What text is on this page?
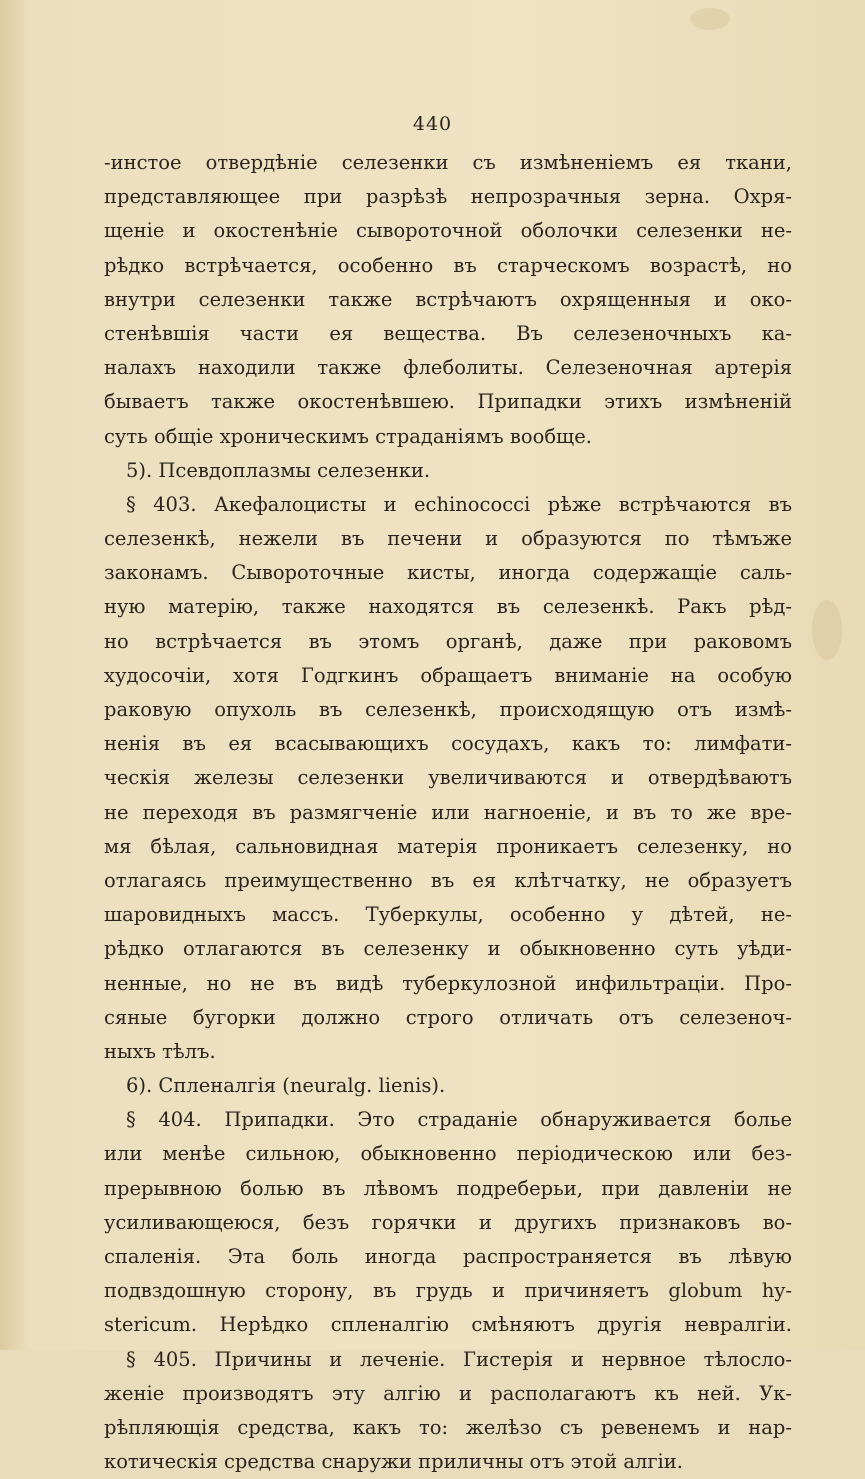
440
-инстое отвердѣніе селезенки съ измѣненіемъ ея ткани,
представляющее при разрѣзѣ непрозрачныя зерна. Охря-
щеніе и окостенѣніе сывороточной оболочки селезенки не-
рѣдко встрѣчается, особенно въ старческомъ возрастѣ, но
внутри селезенки также встрѣчаютъ охрященныя и око-
стенѣвшія части ея вещества. Въ селезеночныхъ ка-
налахъ находили также флеболиты. Селезеночная артерія
бываетъ также окостенѣвшею. Припадки этихъ измѣненій
суть общіе хроническимъ страданіямъ вообще.
5). Псевдоплазмы селезенки.
§ 403. Акефалоцисты и echinococci рѣже встрѣчаются въ
селезенкѣ, нежели въ печени и образуются по тѣмъже
законамъ. Сывороточные кисты, иногда содержащіе саль-
ную матерію, также находятся въ селезенкѣ. Ракъ рѣд-
но встрѣчается въ этомъ органѣ, даже при раковомъ
худосочіи, хотя Годгкинъ обращаетъ вниманіе на особую
раковую опухоль въ селезенкѣ, происходящую отъ измѣ-
ненія въ ея всасывающихъ сосудахъ, какъ то: лимфати-
ческія железы селезенки увеличиваются и отвердѣваютъ
не переходя въ размягченіе или нагноеніе, и въ то же вре-
мя бѣлая, сальновидная матерія проникаетъ селезенку, но
отлагаясь преимущественно въ ея клѣтчатку, не образуетъ
шаровидныхъ массъ. Туберкулы, особенно у дѣтей, не-
рѣдко отлагаются въ селезенку и обыкновенно суть уѣди-
ненные, но не въ видѣ туберкулозной инфильтраціи. Про-
сяные бугорки должно строго отличать отъ селезеноч-
ныхъ тѣлъ.
6). Спленалгія (neuralg. lienis).
§ 404. Припадки. Это страданіе обнаруживается болье
или менѣе сильною, обыкновенно періодическою или без-
прерывною болью въ лѣвомъ подреберьи, при давленіи не
усиливающеюся, безъ горячки и другихъ признаковъ во-
спаленія. Эта боль иногда распространяется въ лѣвую
подвздошную сторону, въ грудь и причиняетъ globum hy-
stericum. Нерѣдко спленалгію смѣняютъ другія невралгіи.
§ 405. Причины и леченіе. Гистерія и нервное тѣлосло-
женіе производятъ эту алгію и располагаютъ къ ней. Ук-
рѣпляющія средства, какъ то: желѣзо съ ревенемъ и нар-
котическія средства снаружи приличны отъ этой алгіи.
